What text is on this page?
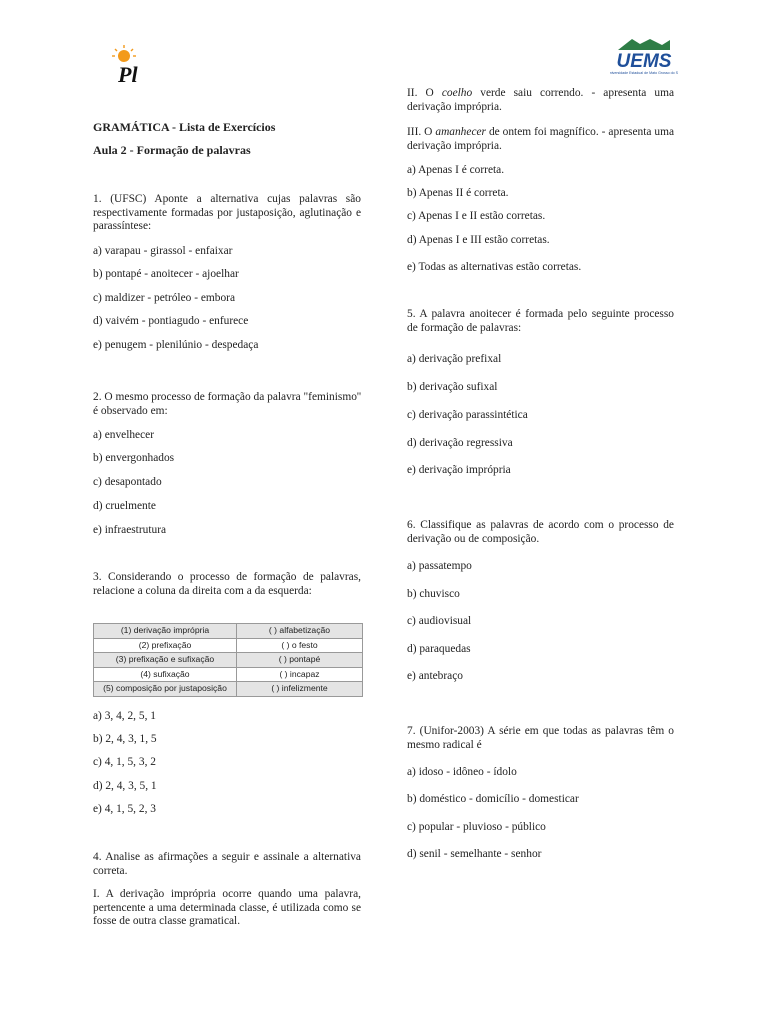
Pl
UEMS
Universidade Estadual de Mato Grosso do Sul
GRAMÁTICA - Lista de Exercícios
Aula 2 - Formação de palavras
1. (UFSC) Aponte a alternativa cujas palavras são respectivamente formadas por justaposição, aglutinação e parassíntese:
a) varapau - girassol - enfaixar
b) pontapé - anoitecer - ajoelhar
c) maldizer - petróleo - embora
d) vaivém - pontiagudo - enfurece
e) penugem - plenilúnio - despedaça
2. O mesmo processo de formação da palavra "feminismo'' é observado em:
a) envelhecer
b) envergonhados
c) desapontado
d) cruelmente
e) infraestrutura
3. Considerando o processo de formação de palavras, relacione a coluna da direita com a da esquerda:
(1) derivação imprópria	( ) alfabetização
(2) prefixação	( ) o festo
(3) prefixação e sufixação	( ) pontapé
(4) sufixação	( ) incapaz
(5) composição por justaposição	( ) infelizmente
a) 3, 4, 2, 5, 1
b) 2, 4, 3, 1, 5
c) 4, 1, 5, 3, 2
d) 2, 4, 3, 5, 1
e) 4, 1, 5, 2, 3
4. Analise as afirmações a seguir e assinale a alternativa correta.
I. A derivação imprópria ocorre quando uma palavra, pertencente a uma determinada classe, é utilizada como se fosse de outra classe gramatical.
II. O coelho verde saiu correndo. - apresenta uma derivação imprópria.
III. O amanhecer de ontem foi magnífico. - apresenta uma derivação imprópria.
a) Apenas I é correta.
b) Apenas II é correta.
c) Apenas I e II estão corretas.
d) Apenas I e III estão corretas.
e) Todas as alternativas estão corretas.
5. A palavra anoitecer é formada pelo seguinte processo de formação de palavras:
a) derivação prefixal
b) derivação sufixal
c) derivação parassintética
d) derivação regressiva
e) derivação imprópria
6. Classifique as palavras de acordo com o processo de derivação ou de composição.
a) passatempo
b) chuvisco
c) audiovisual
d) paraquedas
e) antebraço
7. (Unifor-2003) A série em que todas as palavras têm o mesmo radical é
a) idoso - idôneo - ídolo
b) doméstico - domicílio - domesticar
c) popular - pluvioso - público
d) senil - semelhante - senhor
